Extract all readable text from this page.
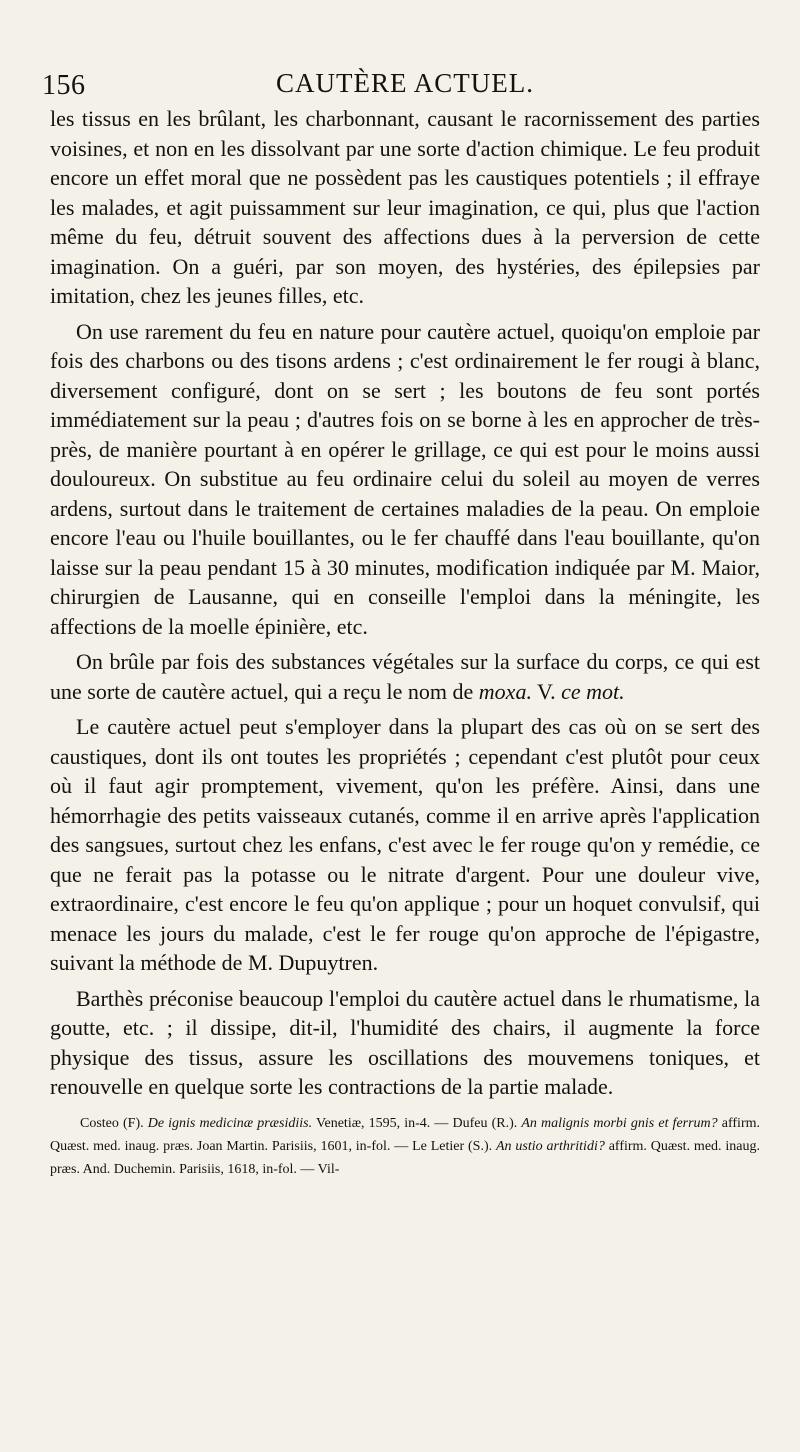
156	CAUTÈRE ACTUEL.

les tissus en les brûlant, les charbonnant, causant le racornissement des parties voisines, et non en les dissolvant par une sorte d'action chimique. Le feu produit encore un effet moral que ne possèdent pas les caustiques potentiels ; il effraye les malades, et agit puissamment sur leur imagination, ce qui, plus que l'action même du feu, détruit souvent des affections dues à la perversion de cette imagination. On a guéri, par son moyen, des hystéries, des épilepsies par imitation, chez les jeunes filles, etc.

On use rarement du feu en nature pour cautère actuel, quoiqu'on emploie par fois des charbons ou des tisons ardens ; c'est ordinairement le fer rougi à blanc, diversement configuré, dont on se sert ; les boutons de feu sont portés immédiatement sur la peau ; d'autres fois on se borne à les en approcher de très-près, de manière pourtant à en opérer le grillage, ce qui est pour le moins aussi douloureux. On substitue au feu ordinaire celui du soleil au moyen de verres ardens, surtout dans le traitement de certaines maladies de la peau. On emploie encore l'eau ou l'huile bouillantes, ou le fer chauffé dans l'eau bouillante, qu'on laisse sur la peau pendant 15 à 30 minutes, modification indiquée par M. Maior, chirurgien de Lausanne, qui en conseille l'emploi dans la méningite, les affections de la moelle épinière, etc.

On brûle par fois des substances végétales sur la surface du corps, ce qui est une sorte de cautère actuel, qui a reçu le nom de moxa. V. ce mot.

Le cautère actuel peut s'employer dans la plupart des cas où on se sert des caustiques, dont ils ont toutes les propriétés ; cependant c'est plutôt pour ceux où il faut agir promptement, vivement, qu'on les préfère. Ainsi, dans une hémorrhagie des petits vaisseaux cutanés, comme il en arrive après l'application des sangsues, surtout chez les enfans, c'est avec le fer rouge qu'on y remédie, ce que ne ferait pas la potasse ou le nitrate d'argent. Pour une douleur vive, extraordinaire, c'est encore le feu qu'on applique ; pour un hoquet convulsif, qui menace les jours du malade, c'est le fer rouge qu'on approche de l'épigastre, suivant la méthode de M. Dupuytren.

Barthès préconise beaucoup l'emploi du cautère actuel dans le rhumatisme, la goutte, etc. ; il dissipe, dit-il, l'humidité des chairs, il augmente la force physique des tissus, assure les oscillations des mouvemens toniques, et renouvelle en quelque sorte les contractions de la partie malade.

Costeo (F). De ignis medicinæ præsidiis. Venetiæ, 1595, in-4. — Dufeu (R.). An malignis morbi gnis et ferrum? affirm. Quæst. med. inaug. præs. Joan Martin. Parisiis, 1601, in-fol. — Le Letier (S.). An ustio arthritidi? affirm. Quæst. med. inaug. præs. And. Duchemin. Parisiis, 1618, in-fol. — Vil-
